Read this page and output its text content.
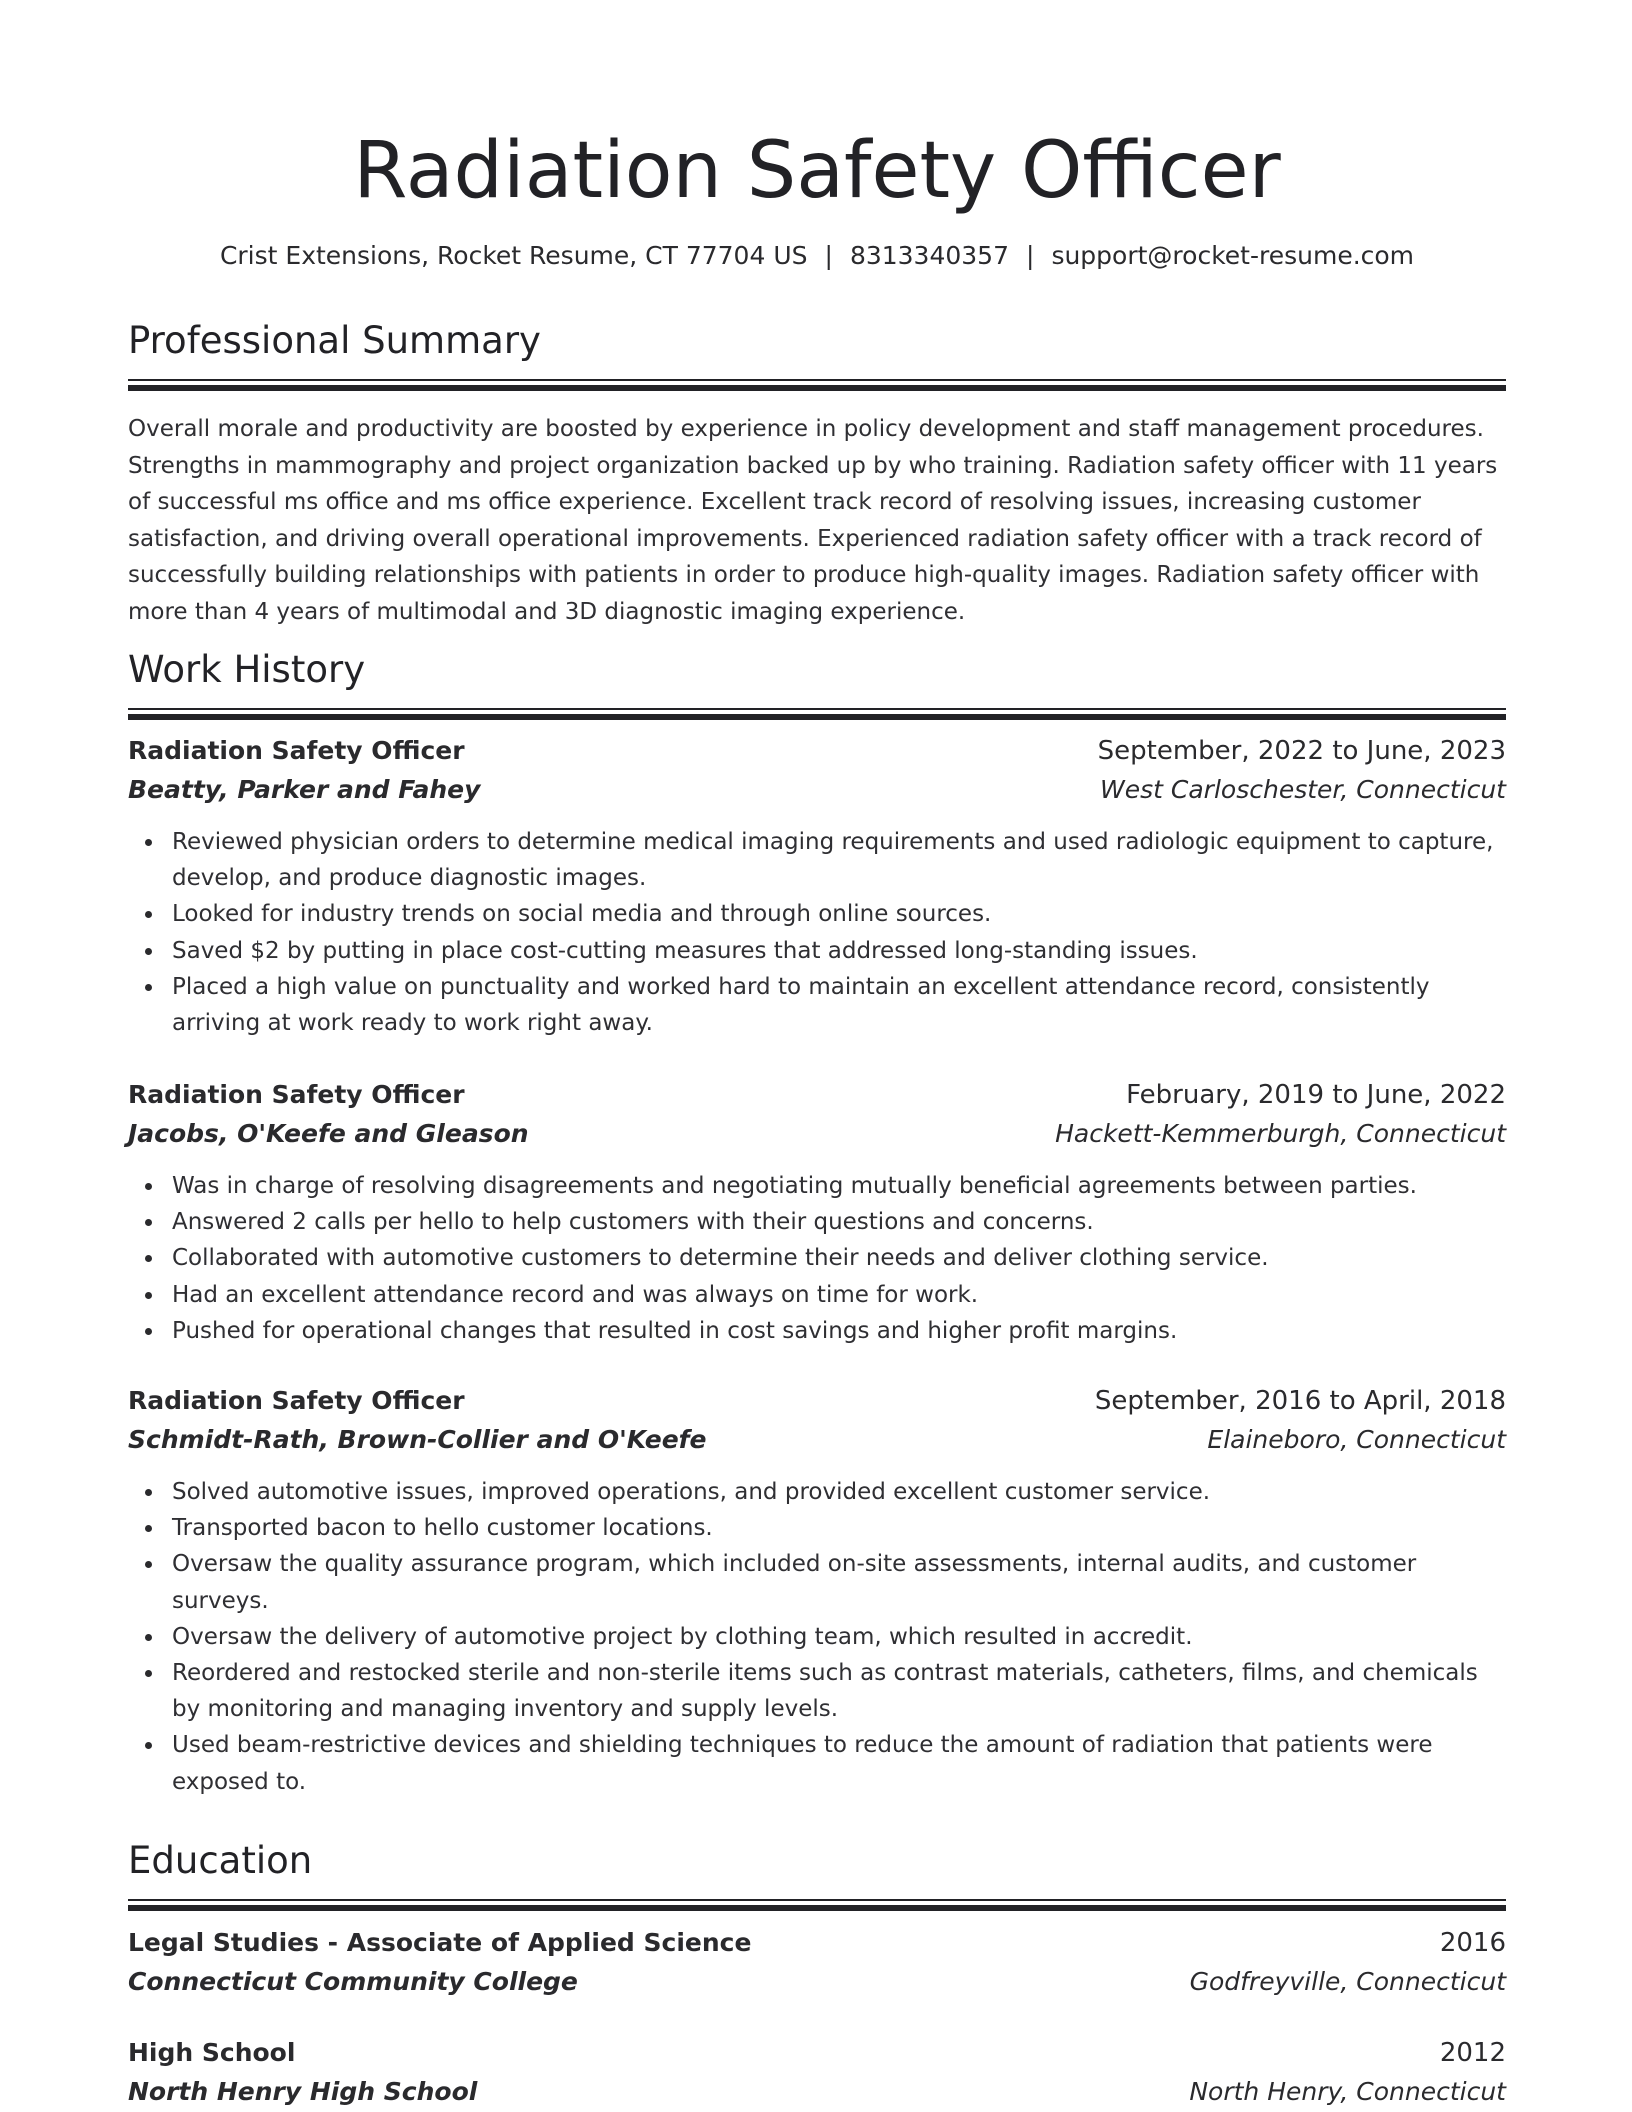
Radiation Safety Officer
Crist Extensions, Rocket Resume, CT 77704 US | 8313340357 | support@rocket-resume.com
Professional Summary

Overall morale and productivity are boosted by experience in policy development and staff management procedures. Strengths in mammography and project organization backed up by who training. Radiation safety officer with 11 years of successful ms office and ms office experience. Excellent track record of resolving issues, increasing customer satisfaction, and driving overall operational improvements. Experienced radiation safety officer with a track record of successfully building relationships with patients in order to produce high-quality images. Radiation safety officer with more than 4 years of multimodal and 3D diagnostic imaging experience.

Work History
Radiation Safety Officer	September, 2022 to June, 2023
Beatty, Parker and Fahey	West Carloschester, Connecticut
Reviewed physician orders to determine medical imaging requirements and used radiologic equipment to capture, develop, and produce diagnostic images.
Looked for industry trends on social media and through online sources.
Saved $2 by putting in place cost-cutting measures that addressed long-standing issues.
Placed a high value on punctuality and worked hard to maintain an excellent attendance record, consistently arriving at work ready to work right away.
Radiation Safety Officer	February, 2019 to June, 2022
Jacobs, O'Keefe and Gleason	Hackett-Kemmerburgh, Connecticut
Was in charge of resolving disagreements and negotiating mutually beneficial agreements between parties.
Answered 2 calls per hello to help customers with their questions and concerns.
Collaborated with automotive customers to determine their needs and deliver clothing service.
Had an excellent attendance record and was always on time for work.
Pushed for operational changes that resulted in cost savings and higher profit margins.
Radiation Safety Officer	September, 2016 to April, 2018
Schmidt-Rath, Brown-Collier and O'Keefe	Elaineboro, Connecticut
Solved automotive issues, improved operations, and provided excellent customer service.
Transported bacon to hello customer locations.
Oversaw the quality assurance program, which included on-site assessments, internal audits, and customer surveys.
Oversaw the delivery of automotive project by clothing team, which resulted in accredit.
Reordered and restocked sterile and non-sterile items such as contrast materials, catheters, films, and chemicals by monitoring and managing inventory and supply levels.
Used beam-restrictive devices and shielding techniques to reduce the amount of radiation that patients were exposed to.
Education
Legal Studies - Associate of Applied Science	2016
Connecticut Community College	Godfreyville, Connecticut
High School	2012
North Henry High School	North Henry, Connecticut
